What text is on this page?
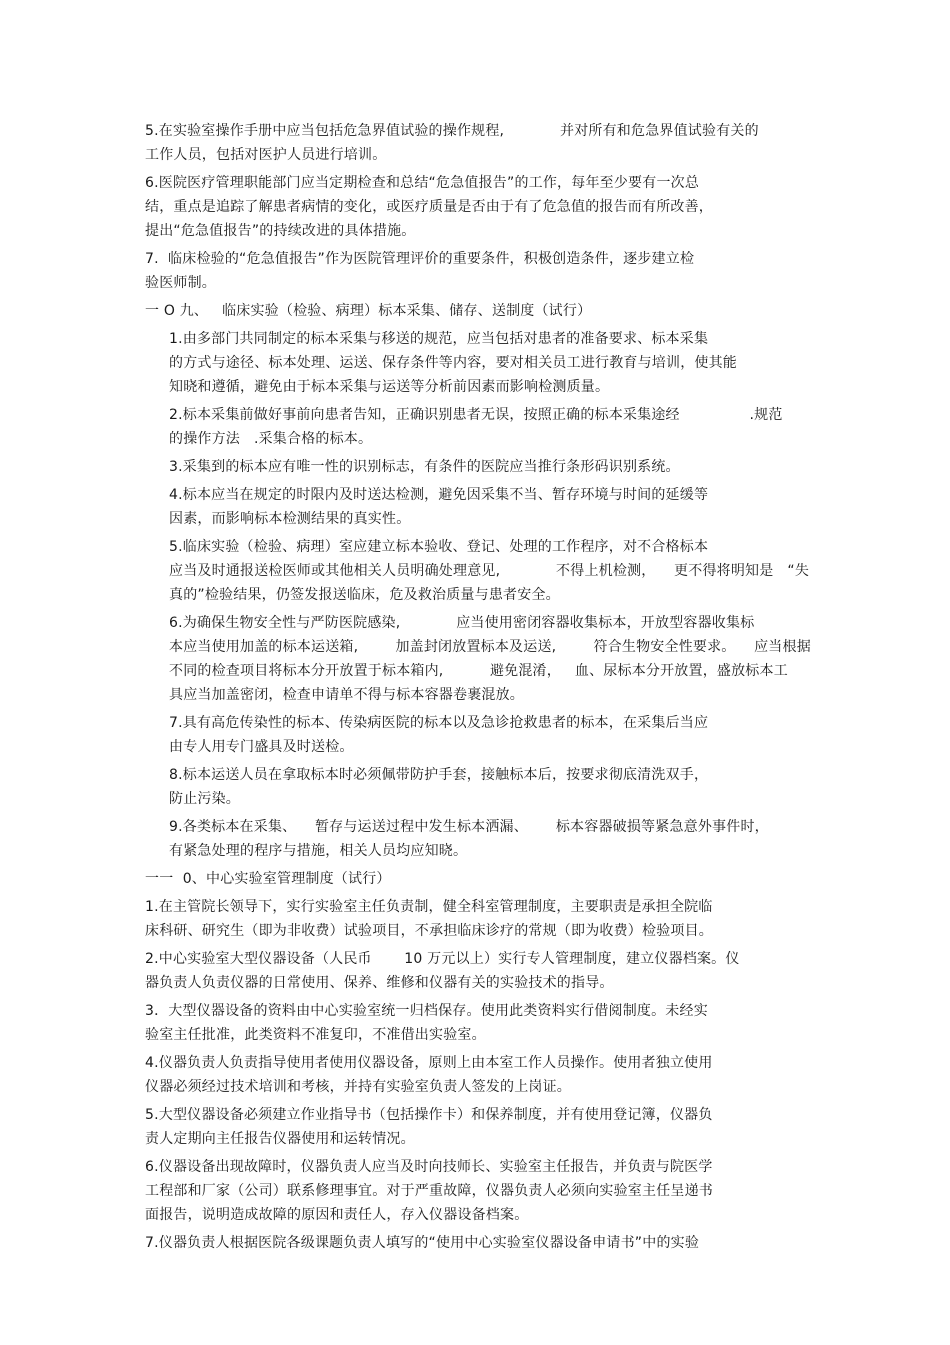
5.在实验室操作手册中应当包括危急界值试验的操作规程,            并对所有和危急界值试验有关的
工作人员，包括对医护人员进行培训。
6.医院医疗管理职能部门应当定期检查和总结“危急值报告”的工作，每年至少要有一次总
结，重点是追踪了解患者病情的变化，或医疗质量是否由于有了危急值的报告而有所改善，
提出“危急值报告”的持续改进的具体措施。
7.  临床检验的“危急值报告”作为医院管理评价的重要条件，积极创造条件，逐步建立检
验医师制。
一 O 九、   临床实验（检验、病理）标本采集、储存、送制度（试行）
1.由多部门共同制定的标本采集与移送的规范，应当包括对患者的准备要求、标本采集
的方式与途径、标本处理、运送、保存条件等内容，要对相关员工进行教育与培训，使其能
知晓和遵循，避免由于标本采集与运送等分析前因素而影响检测质量。
2.标本采集前做好事前向患者告知，正确识别患者无误，按照正确的标本采集途经               .规范
的操作方法   .采集合格的标本。
3.采集到的标本应有唯一性的识别标志，有条件的医院应当推行条形码识别系统。
4.标本应当在规定的时限内及时送达检测，避免因采集不当、暂存环境与时间的延缓等
因素，而影响标本检测结果的真实性。
5.临床实验（检验、病理）室应建立标本验收、登记、处理的工作程序，对不合格标本
应当及时通报送检医师或其他相关人员明确处理意见,            不得上机检测，    更不得将明知是   “失
真的”检验结果，仍签发报送临床，危及救治质量与患者安全。
6.为确保生物安全性与严防医院感染,            应当使用密闭容器收集标本，开放型容器收集标
本应当使用加盖的标本运送箱,        加盖封闭放置标本及运送,        符合生物安全性要求。    应当根据
不同的检查项目将标本分开放置于标本箱内,          避免混淆，   血、尿标本分开放置，盛放标本工
具应当加盖密闭，检查申请单不得与标本容器卷裹混放。
7.具有高危传染性的标本、传染病医院的标本以及急诊抢救患者的标本，在采集后当应
由专人用专门盛具及时送检。
8.标本运送人员在拿取标本时必须佩带防护手套，接触标本后，按要求彻底清洗双手，
防止污染。
9.各类标本在采集、    暂存与运送过程中发生标本洒漏、      标本容器破损等紧急意外事件时，
有紧急处理的程序与措施，相关人员均应知晓。
一一  0、中心实验室管理制度（试行）
1.在主管院长领导下，实行实验室主任负责制，健全科室管理制度，主要职责是承担全院临
床科研、研究生（即为非收费）试验项目，不承担临床诊疗的常规（即为收费）检验项目。
2.中心实验室大型仪器设备（人民币       10 万元以上）实行专人管理制度，建立仪器档案。仪
器负责人负责仪器的日常使用、保养、维修和仪器有关的实验技术的指导。
3．大型仪器设备的资料由中心实验室统一归档保存。使用此类资料实行借阅制度。未经实
验室主任批准，此类资料不准复印，不准借出实验室。
4.仪器负责人负责指导使用者使用仪器设备，原则上由本室工作人员操作。使用者独立使用
仪器必须经过技术培训和考核，并持有实验室负责人签发的上岗证。
5.大型仪器设备必须建立作业指导书（包括操作卡）和保养制度，并有使用登记簿，仪器负
责人定期向主任报告仪器使用和运转情况。
6.仪器设备出现故障时，仪器负责人应当及时向技师长、实验室主任报告，并负责与院医学
工程部和厂家（公司）联系修理事宜。对于严重故障，仪器负责人必须向实验室主任呈递书
面报告，说明造成故障的原因和责任人，存入仪器设备档案。
7.仪器负责人根据医院各级课题负责人填写的“使用中心实验室仪器设备申请书”中的实验
